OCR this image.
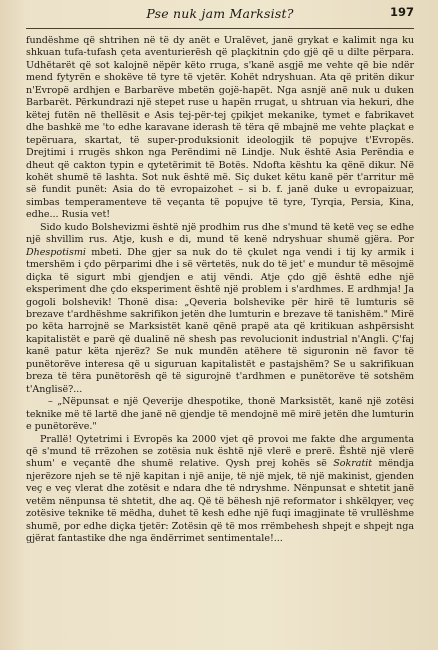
Pse nuk jam Marksist?	197

fundëshme që shtrihen në të dy anët e Uralëvet, janë grykat e kalimit nga ku shkuan tufa-tufash çeta aventurierësh që plaçkitnin çdo gjë që u dilte përpara. Udhëtarët që sot kalojnë nëpër këto rruga, s'kanë asgjë me vehte që bie ndër mend fytyrën e shokëve të tyre të vjetër. Kohët ndryshuan. Ata që pritën dikur n'Evropë ardhjen e Barbarëve mbetën gojë-hapët. Nga asnjë anë nuk u duken Barbarët. Përkundrazi një stepet ruse u hapën rrugat, u shtruan via hekuri, dhe këtej futën në thellësit e Asis tej-për-tej çpikjet mekanike, tymet e fabrikavet dhe bashkë me 'to edhe karavane iderash të tëra që mbajnë me vehte plaçkat e tepëruara, skartat, të super-produksionit ideologjik të popujve t'Evropës. Drejtimi i rrugës shkon nga Perëndimi në Lindje. Nuk është Asia Perëndia e dheut që cakton typin e qytetërimit të Botës. Ndofta kështu ka qënë dikur. Në kohët shumë të lashta. Sot nuk është më. Siç duket këtu kanë për t'arritur më së fundit punët: Asia do të evropaizohet – si b. f. janë duke u evropaizuar, simbas temperamenteve të veçanta të popujve të tyre, Tyrqia, Persia, Kina, edhe... Rusia vet!

Sido kudo Bolshevizmi është një prodhim rus dhe s'mund të ketë veç se edhe një shvillim rus. Atje, kush e di, mund të kenë ndryshuar shumë gjëra. Por Dhespotismi mbeti. Dhe gjer sa nuk do të çkulet nga vendi i tij ky armik i tmershëm i çdo përparimi dhe i së vërtetës, nuk do të jet' e mundur të mësojmë diçka të sigurt mbi gjendjen e atij vëndi. Atje çdo gjë është edhe një eksperiment dhe çdo eksperiment është një problem i s'ardhmes. E ardhmja! Ja gogoli bolshevik! Thonë disa: „Qeveria bolshevike për hirë të lumturis së brezave t'ardhëshme sakrifikon jetën dhe lumturin e brezave të tanishëm." Mirë po këta harrojnë se Marksistët kanë qënë prapë ata që kritikuan ashpërsisht kapitalistët e parë që dualinë në shesh pas revolucionit industrial n'Angli. Ç'faj kanë patur këta njerëz? Se nuk mundën atëhere të siguronin në favor të punëtorëve interesa që u siguruan kapitalistët e pastajshëm? Se u sakrifikuan breza të tëra punëtorësh që të sigurojnë t'ardhmen e punëtorëve të sotshëm t'Anglisë?...

– „Nëpunsat e një Qeverije dhespotike, thonë Marksistët, kanë një zotësi teknike më të lartë dhe janë në gjendje të mendojnë më mirë jetën dhe lumturin e punëtorëve."

Prallë! Qytetrimi i Evropës ka 2000 vjet që provoi me fakte dhe argumenta që s'mund të rrëzohen se zotësia nuk është një vlerë e prerë. Është një vlerë shum' e veçantë dhe shumë relative. Qysh prej kohës së Sokratit mëndja njerëzore njeh se të një kapitan i një anije, të një mjek, të një makinist, gjenden veç e veç vlerat dhe zotësit e ndara dhe të ndryshme. Nënpunsat e shtetit janë vetëm nënpunsa të shtetit, dhe aq. Që të bëhesh një reformator i shkëlqyer, veç zotësive teknike të mëdha, duhet të kesh edhe një fuqi imagjinate të vrullëshme shumë, por edhe diçka tjetër: Zotësin që të mos rrëmbehesh shpejt e shpejt nga gjërat fantastike dhe nga ëndërrimet sentimentale!...
